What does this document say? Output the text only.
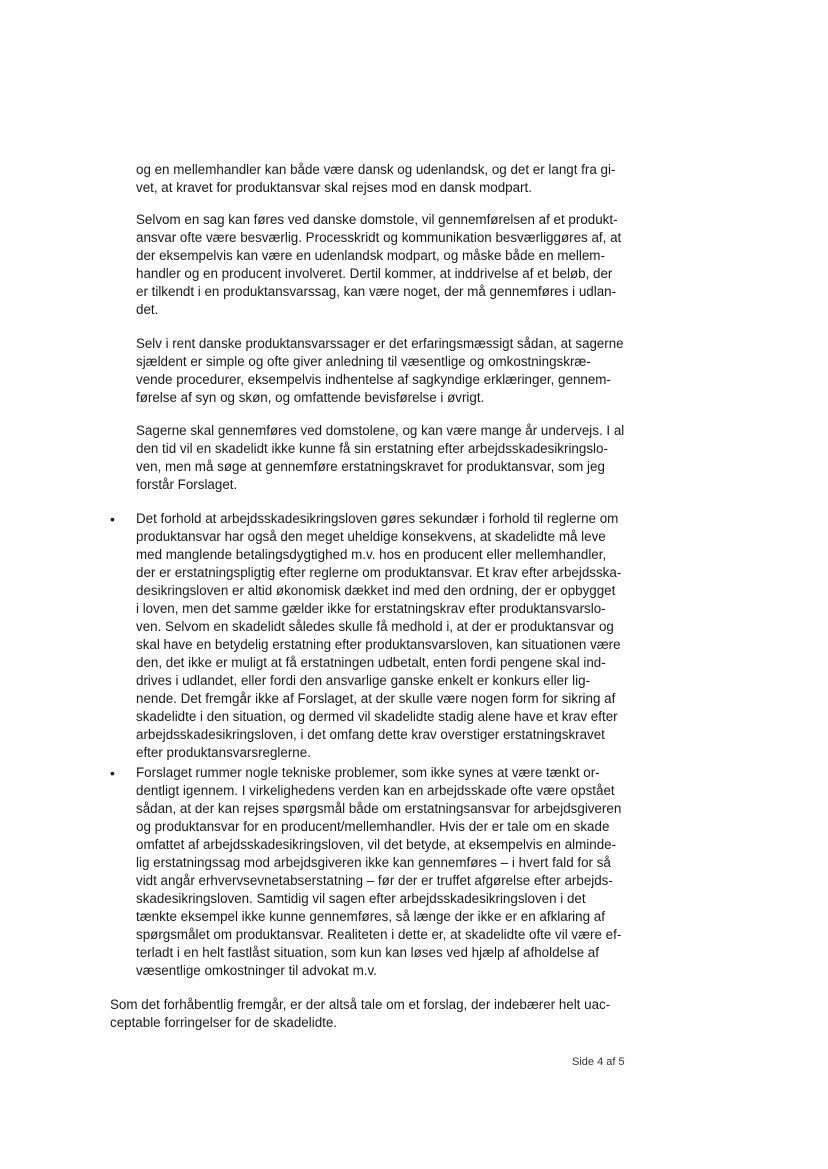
og en mellemhandler kan både være dansk og udenlandsk, og det er langt fra gi-
vet, at kravet for produktansvar skal rejses mod en dansk modpart.
Selvom en sag kan føres ved danske domstole, vil gennemførelsen af et produkt-
ansvar ofte være besværlig. Processkridt og kommunikation besværliggøres af, at
der eksempelvis kan være en udenlandsk modpart, og måske både en mellem-
handler og en producent involveret. Dertil kommer, at inddrivelse af et beløb, der
er tilkendt i en produktansvarssag, kan være noget, der må gennemføres i udlan-
det.
Selv i rent danske produktansvarssager er det erfaringsmæssigt sådan, at sagerne
sjældent er simple og ofte giver anledning til væsentlige og omkostningskræ-
vende procedurer, eksempelvis indhentelse af sagkyndige erklæringer, gennem-
førelse af syn og skøn, og omfattende bevisførelse i øvrigt.
Sagerne skal gennemføres ved domstolene, og kan være mange år undervejs. I al
den tid vil en skadelidt ikke kunne få sin erstatning efter arbejdsskadesikringslo-
ven, men må søge at gennemføre erstatningskravet for produktansvar, som jeg
forstår Forslaget.
• Det forhold at arbejdsskadesikringsloven gøres sekundær i forhold til reglerne om
produktansvar har også den meget uheldige konsekvens, at skadelidte må leve
med manglende betalingsdygtighed m.v. hos en producent eller mellemhandler,
der er erstatningspligtig efter reglerne om produktansvar. Et krav efter arbejdsska-
desikringsloven er altid økonomisk dækket ind med den ordning, der er opbygget
i loven, men det samme gælder ikke for erstatningskrav efter produktansvarslo-
ven. Selvom en skadelidt således skulle få medhold i, at der er produktansvar og
skal have en betydelig erstatning efter produktansvarsloven, kan situationen være
den, det ikke er muligt at få erstatningen udbetalt, enten fordi pengene skal ind-
drives i udlandet, eller fordi den ansvarlige ganske enkelt er konkurs eller lig-
nende. Det fremgår ikke af Forslaget, at der skulle være nogen form for sikring af
skadelidte i den situation, og dermed vil skadelidte stadig alene have et krav efter
arbejdsskadesikringsloven, i det omfang dette krav overstiger erstatningskravet
efter produktansvarsreglerne.
• Forslaget rummer nogle tekniske problemer, som ikke synes at være tænkt or-
dentligt igennem. I virkelighedens verden kan en arbejdsskade ofte være opstået
sådan, at der kan rejses spørgsmål både om erstatningsansvar for arbejdsgiveren
og produktansvar for en producent/mellemhandler. Hvis der er tale om en skade
omfattet af arbejdsskadesikringsloven, vil det betyde, at eksempelvis en alminde-
lig erstatningssag mod arbejdsgiveren ikke kan gennemføres – i hvert fald for så
vidt angår erhvervsevnetabserstatning – før der er truffet afgørelse efter arbejds-
skadesikringsloven. Samtidig vil sagen efter arbejdsskadesikringsloven i det
tænkte eksempel ikke kunne gennemføres, så længe der ikke er en afklaring af
spørgsmålet om produktansvar. Realiteten i dette er, at skadelidte ofte vil være ef-
terladt i en helt fastlåst situation, som kun kan løses ved hjælp af afholdelse af
væsentlige omkostninger til advokat m.v.
Som det forhåbentlig fremgår, er der altså tale om et forslag, der indebærer helt uac-
ceptable forringelser for de skadelidte.
Side 4 af 5
